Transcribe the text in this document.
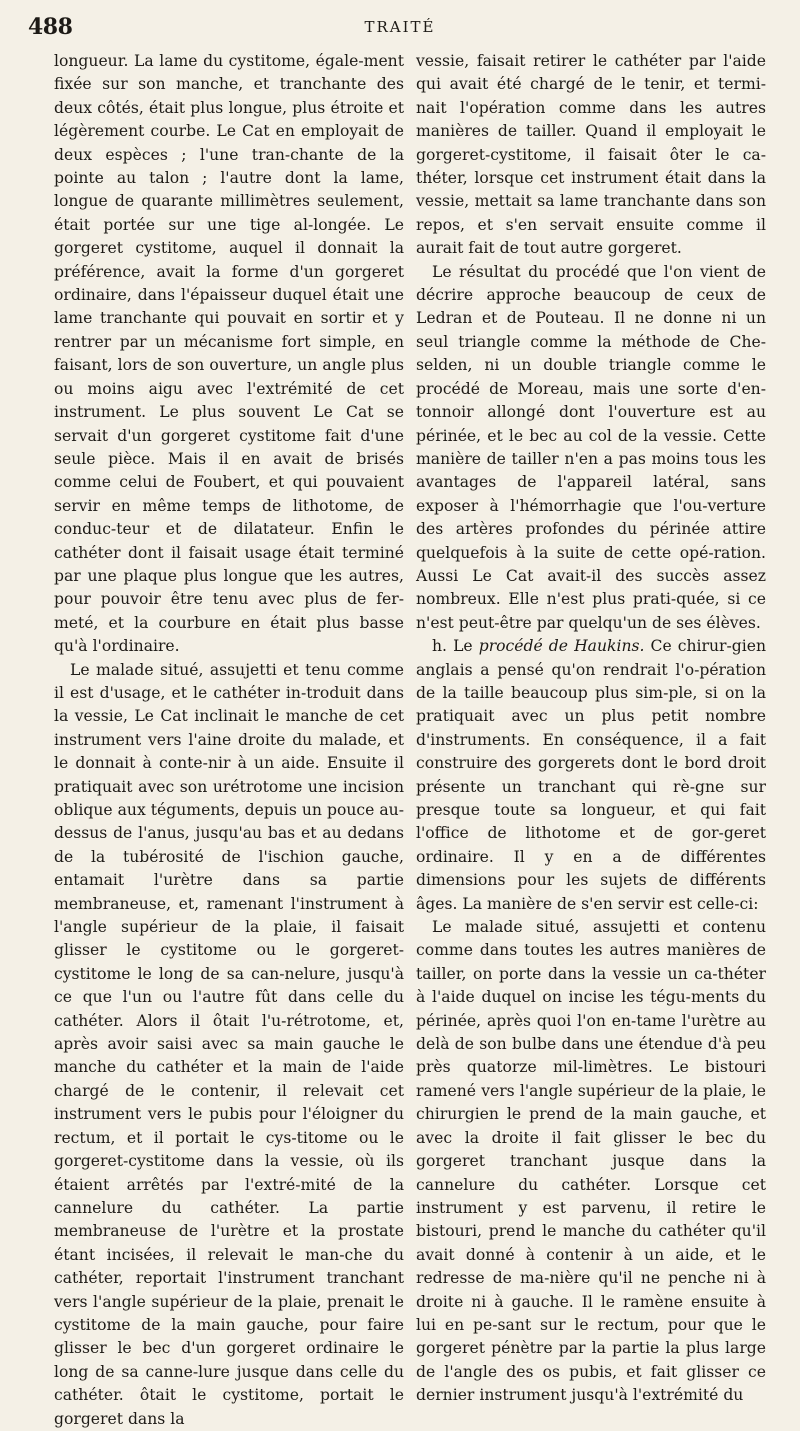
488	TRAITÉ

longueur. La lame du cystitome, égale-ment fixée sur son manche, et tranchante des deux côtés, était plus longue, plus étroite et légèrement courbe. Le Cat en employait de deux espèces ; l'une tran-chante de la pointe au talon ; l'autre dont la lame, longue de quarante millimètres seulement, était portée sur une tige al-longée. Le gorgeret cystitome, auquel il donnait la préférence, avait la forme d'un gorgeret ordinaire, dans l'épaisseur duquel était une lame tranchante qui pouvait en sortir et y rentrer par un mécanisme fort simple, en faisant, lors de son ouverture, un angle plus ou moins aigu avec l'extrémité de cet instrument. Le plus souvent Le Cat se servait d'un gorgeret cystitome fait d'une seule pièce. Mais il en avait de brisés comme celui de Foubert, et qui pouvaient servir en même temps de lithotome, de conduc-teur et de dilatateur. Enfin le cathéter dont il faisait usage était terminé par une plaque plus longue que les autres, pour pouvoir être tenu avec plus de fer-meté, et la courbure en était plus basse qu'à l'ordinaire.

Le malade situé, assujetti et tenu comme il est d'usage, et le cathéter in-troduit dans la vessie, Le Cat inclinait le manche de cet instrument vers l'aine droite du malade, et le donnait à conte-nir à un aide. Ensuite il pratiquait avec son urétrotome une incision oblique aux téguments, depuis un pouce au-dessus de l'anus, jusqu'au bas et au dedans de la tubérosité de l'ischion gauche, entamait l'urètre dans sa partie membraneuse, et, ramenant l'instrument à l'angle supérieur de la plaie, il faisait glisser le cystitome ou le gorgeret-cystitome le long de sa can-nelure, jusqu'à ce que l'un ou l'autre fût dans celle du cathéter. Alors il ôtait l'u-rétrotome, et, après avoir saisi avec sa main gauche le manche du cathéter et la main de l'aide chargé de le contenir, il relevait cet instrument vers le pubis pour l'éloigner du rectum, et il portait le cys-titome ou le gorgeret-cystitome dans la vessie, où ils étaient arrêtés par l'extré-mité de la cannelure du cathéter. La partie membraneuse de l'urètre et la prostate étant incisées, il relevait le man-che du cathéter, reportait l'instrument tranchant vers l'angle supérieur de la plaie, prenait le cystitome de la main gauche, pour faire glisser le bec d'un gorgeret ordinaire le long de sa canne-lure jusque dans celle du cathéter. ôtait le cystitome, portait le gorgeret dans la

vessie, faisait retirer le cathéter par l'aide qui avait été chargé de le tenir, et termi-nait l'opération comme dans les autres manières de tailler. Quand il employait le gorgeret-cystitome, il faisait ôter le ca-théter, lorsque cet instrument était dans la vessie, mettait sa lame tranchante dans son repos, et s'en servait ensuite comme il aurait fait de tout autre gorgeret.

Le résultat du procédé que l'on vient de décrire approche beaucoup de ceux de Ledran et de Pouteau. Il ne donne ni un seul triangle comme la méthode de Che-selden, ni un double triangle comme le procédé de Moreau, mais une sorte d'en-tonnoir allongé dont l'ouverture est au périnée, et le bec au col de la vessie. Cette manière de tailler n'en a pas moins tous les avantages de l'appareil latéral, sans exposer à l'hémorrhagie que l'ou-verture des artères profondes du périnée attire quelquefois à la suite de cette opé-ration. Aussi Le Cat avait-il des succès assez nombreux. Elle n'est plus prati-quée, si ce n'est peut-être par quelqu'un de ses élèves.

h. Le procédé de Haukins. Ce chirur-gien anglais a pensé qu'on rendrait l'o-pération de la taille beaucoup plus sim-ple, si on la pratiquait avec un plus petit nombre d'instruments. En conséquence, il a fait construire des gorgerets dont le bord droit présente un tranchant qui rè-gne sur presque toute sa longueur, et qui fait l'office de lithotome et de gor-geret ordinaire. Il y en a de différentes dimensions pour les sujets de différents âges. La manière de s'en servir est celle-ci:

Le malade situé, assujetti et contenu comme dans toutes les autres manières de tailler, on porte dans la vessie un ca-théter à l'aide duquel on incise les tégu-ments du périnée, après quoi l'on en-tame l'urètre au delà de son bulbe dans une étendue d'à peu près quatorze mil-limètres. Le bistouri ramené vers l'angle supérieur de la plaie, le chirurgien le prend de la main gauche, et avec la droite il fait glisser le bec du gorgeret tranchant jusque dans la cannelure du cathéter. Lorsque cet instrument y est parvenu, il retire le bistouri, prend le manche du cathéter qu'il avait donné à contenir à un aide, et le redresse de ma-nière qu'il ne penche ni à droite ni à gauche. Il le ramène ensuite à lui en pe-sant sur le rectum, pour que le gorgeret pénètre par la partie la plus large de l'angle des os pubis, et fait glisser ce dernier instrument jusqu'à l'extrémité du
